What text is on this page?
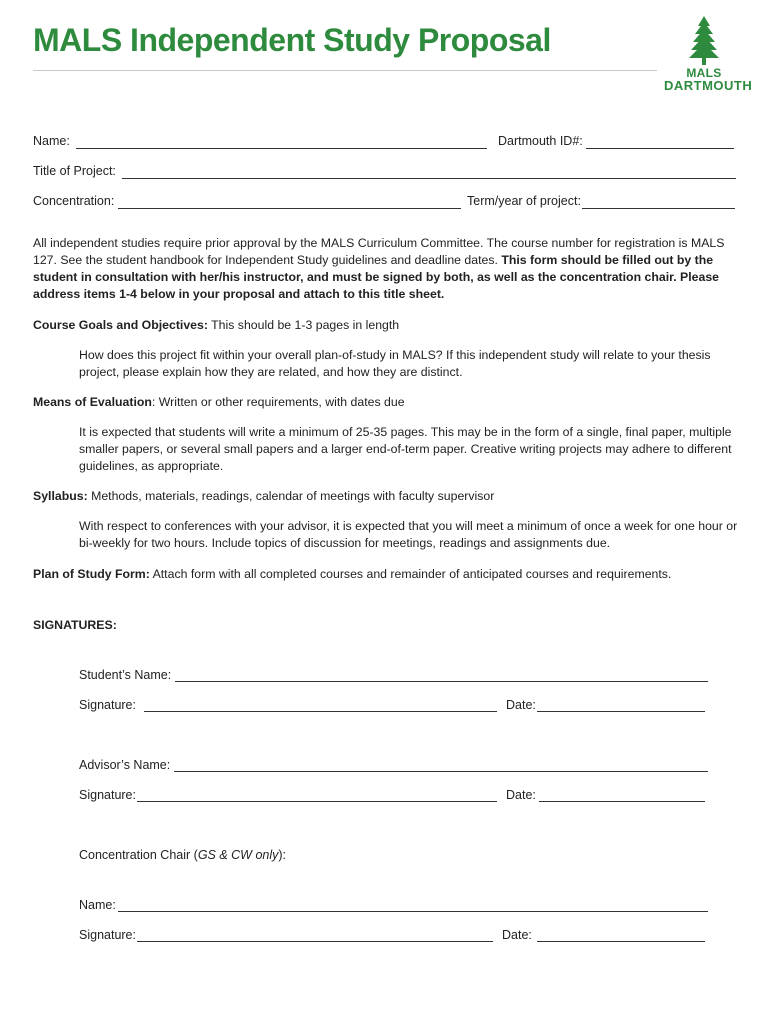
MALS Independent Study Proposal
MALS
DARTMOUTH
Name:	Dartmouth ID#:
Title of Project:
Concentration:	Term/year of project:
All independent studies require prior approval by the MALS Curriculum Committee. The course number for registration is MALS 127. See the student handbook for Independent Study guidelines and deadline dates. This form should be filled out by the student in consultation with her/his instructor, and must be signed by both, as well as the concentration chair. Please address items 1-4 below in your proposal and attach to this title sheet.
Course Goals and Objectives: This should be 1-3 pages in length
How does this project fit within your overall plan-of-study in MALS? If this independent study will relate to your thesis project, please explain how they are related, and how they are distinct.
Means of Evaluation: Written or other requirements, with dates due
It is expected that students will write a minimum of 25-35 pages. This may be in the form of a single, final paper, multiple smaller papers, or several small papers and a larger end-of-term paper. Creative writing projects may adhere to different guidelines, as appropriate.
Syllabus: Methods, materials, readings, calendar of meetings with faculty supervisor
With respect to conferences with your advisor, it is expected that you will meet a minimum of once a week for one hour or bi-weekly for two hours. Include topics of discussion for meetings, readings and assignments due.
Plan of Study Form: Attach form with all completed courses and remainder of anticipated courses and requirements.
SIGNATURES:
Student’s Name:
Signature:	Date:
Advisor’s Name:
Signature:	Date:
Concentration Chair (GS & CW only):
Name:
Signature:	Date:
